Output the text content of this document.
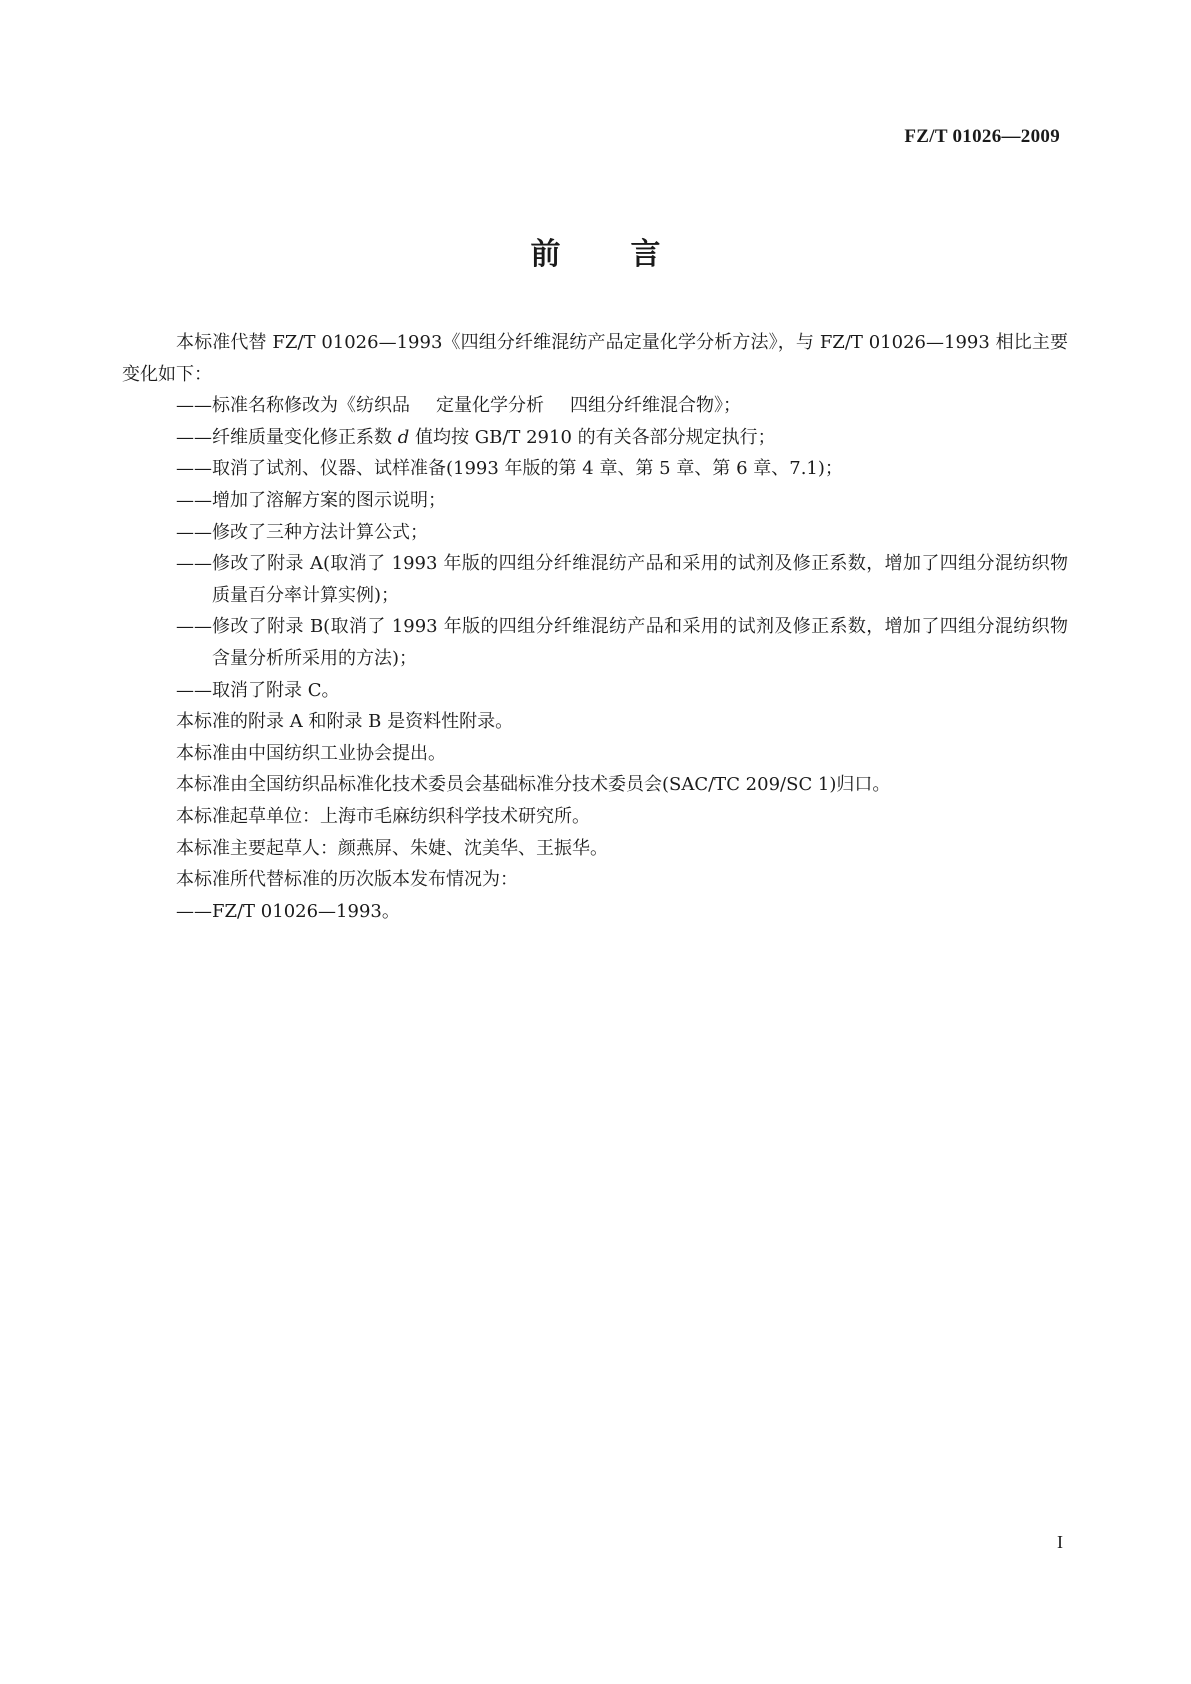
FZ/T 01026—2009
前 言

本标准代替 FZ/T 01026—1993《四组分纤维混纺产品定量化学分析方法》，与 FZ/T 01026—1993 相比主要变化如下：

—— 标准名称修改为《纺织品 定量化学分析 四组分纤维混合物》；

—— 纤维质量变化修正系数 d 值均按 GB/T 2910 的有关各部分规定执行；

—— 取消了试剂、仪器、试样准备(1993 年版的第 4 章、第 5 章、第 6 章、7.1)；

—— 增加了溶解方案的图示说明；

—— 修改了三种方法计算公式；

—— 修改了附录 A(取消了 1993 年版的四组分纤维混纺产品和采用的试剂及修正系数，增加了四组分混纺织物质量百分率计算实例)；

—— 修改了附录 B(取消了 1993 年版的四组分纤维混纺产品和采用的试剂及修正系数，增加了四组分混纺织物含量分析所采用的方法)；

—— 取消了附录 C。

本标准的附录 A 和附录 B 是资料性附录。

本标准由中国纺织工业协会提出。

本标准由全国纺织品标准化技术委员会基础标准分技术委员会(SAC/TC 209/SC 1)归口。

本标准起草单位：上海市毛麻纺织科学技术研究所。

本标准主要起草人：颜燕屏、朱婕、沈美华、王振华。

本标准所代替标准的历次版本发布情况为：

—— FZ/T 01026—1993。

I
